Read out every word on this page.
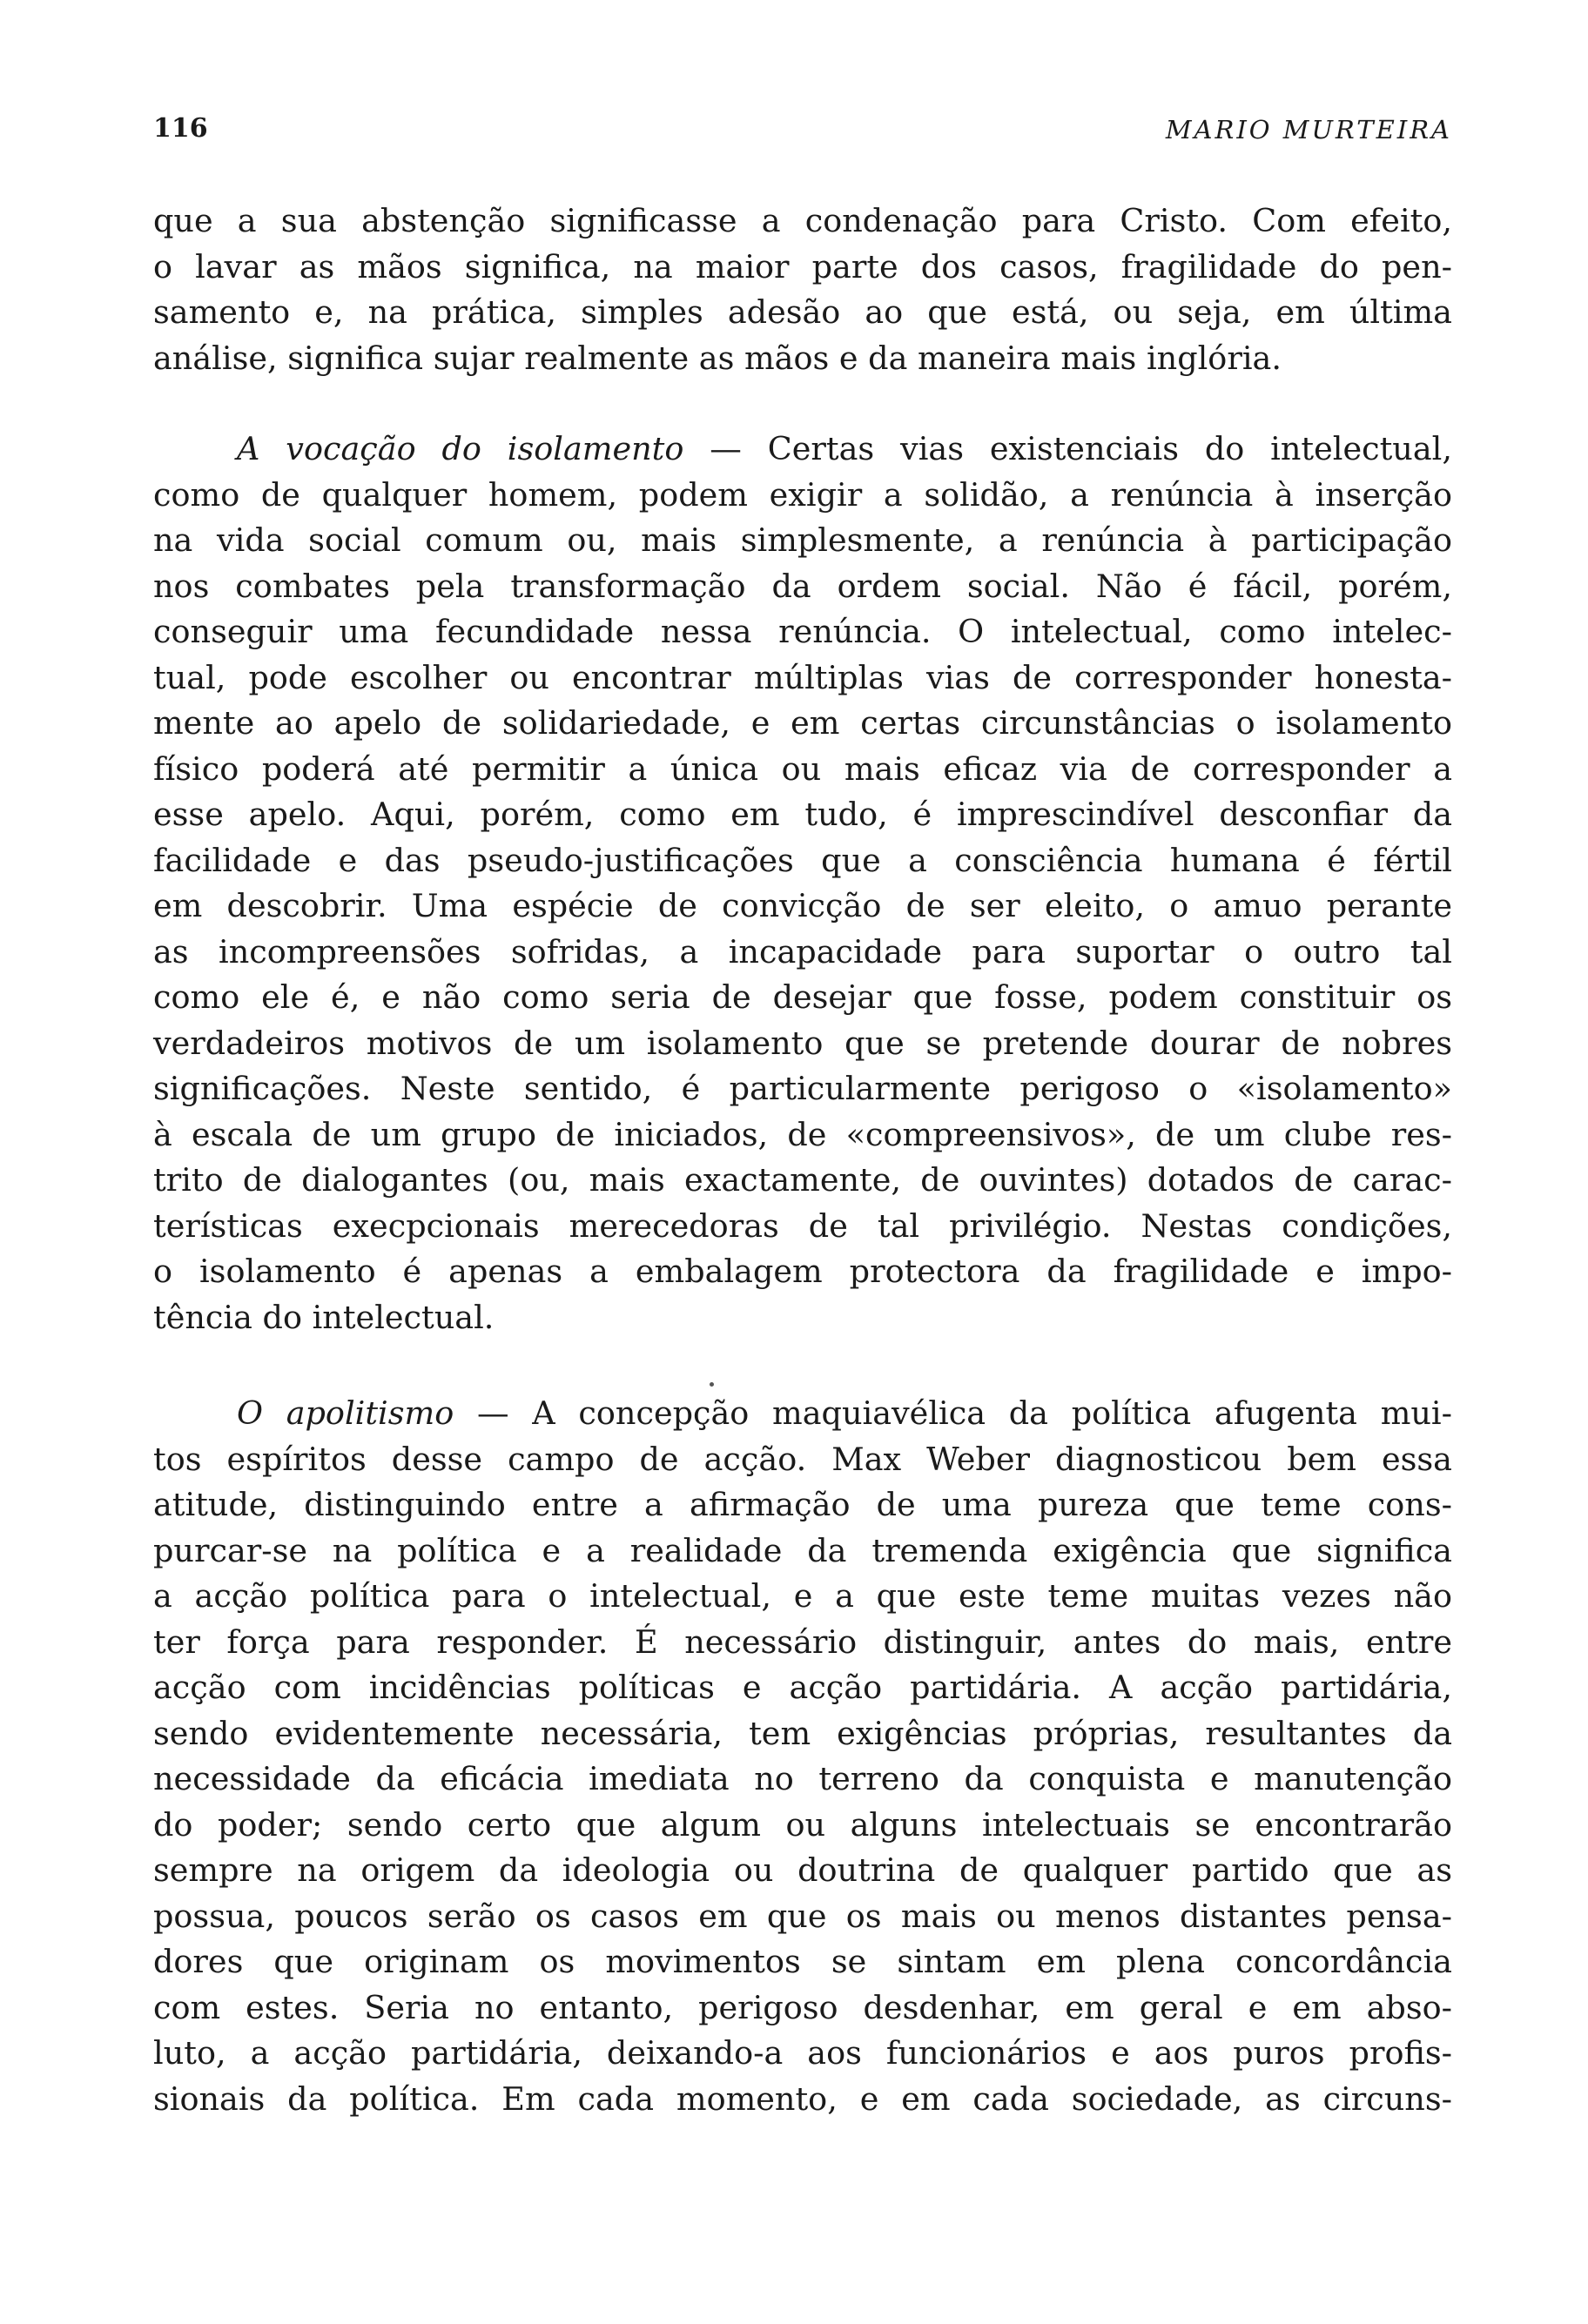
116	MARIO MURTEIRA
que a sua abstenção significasse a condenação para Cristo. Com efeito,
o lavar as mãos significa, na maior parte dos casos, fragilidade do pen-
samento e, na prática, simples adesão ao que está, ou seja, em última
análise, significa sujar realmente as mãos e da maneira mais inglória.
A vocação do isolamento — Certas vias existenciais do intelectual,
como de qualquer homem, podem exigir a solidão, a renúncia à inserção
na vida social comum ou, mais simplesmente, a renúncia à participação
nos combates pela transformação da ordem social. Não é fácil, porém,
conseguir uma fecundidade nessa renúncia. O intelectual, como intelec-
tual, pode escolher ou encontrar múltiplas vias de corresponder honesta-
mente ao apelo de solidariedade, e em certas circunstâncias o isolamento
físico poderá até permitir a única ou mais eficaz via de corresponder a
esse apelo. Aqui, porém, como em tudo, é imprescindível desconfiar da
facilidade e das pseudo-justificações que a consciência humana é fértil
em descobrir. Uma espécie de convicção de ser eleito, o amuo perante
as incompreensões sofridas, a incapacidade para suportar o outro tal
como ele é, e não como seria de desejar que fosse, podem constituir os
verdadeiros motivos de um isolamento que se pretende dourar de nobres
significações. Neste sentido, é particularmente perigoso o «isolamento»
à escala de um grupo de iniciados, de «compreensivos», de um clube res-
trito de dialogantes (ou, mais exactamente, de ouvintes) dotados de carac-
terísticas execpcionais merecedoras de tal privilégio. Nestas condições,
o isolamento é apenas a embalagem protectora da fragilidade e impo-
tência do intelectual.
O apolitismo — A concepção maquiavélica da política afugenta mui-
tos espíritos desse campo de acção. Max Weber diagnosticou bem essa
atitude, distinguindo entre a afirmação de uma pureza que teme cons-
purcar-se na política e a realidade da tremenda exigência que significa
a acção política para o intelectual, e a que este teme muitas vezes não
ter força para responder. É necessário distinguir, antes do mais, entre
acção com incidências políticas e acção partidária. A acção partidária,
sendo evidentemente necessária, tem exigências próprias, resultantes da
necessidade da eficácia imediata no terreno da conquista e manutenção
do poder; sendo certo que algum ou alguns intelectuais se encontrarão
sempre na origem da ideologia ou doutrina de qualquer partido que as
possua, poucos serão os casos em que os mais ou menos distantes pensa-
dores que originam os movimentos se sintam em plena concordância
com estes. Seria no entanto, perigoso desdenhar, em geral e em abso-
luto, a acção partidária, deixando-a aos funcionários e aos puros profis-
sionais da política. Em cada momento, e em cada sociedade, as circuns-
